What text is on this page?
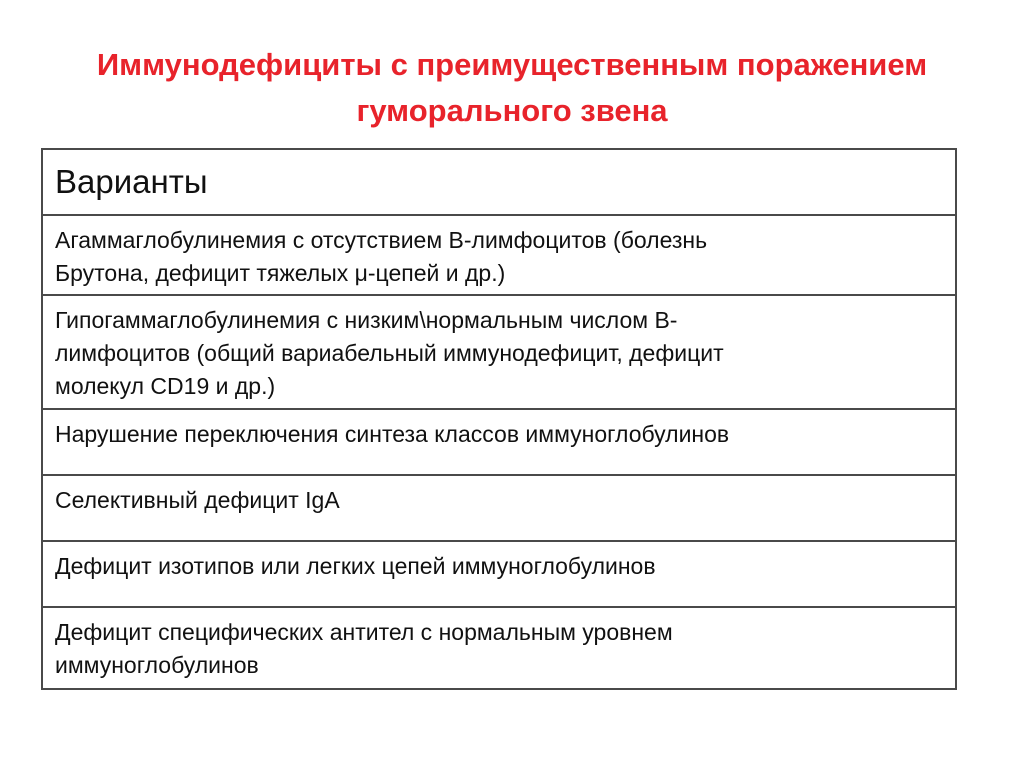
Иммунодефициты с преимущественным поражением
гуморального звена
Варианты
Агаммаглобулинемия с отсутствием В-лимфоцитов (болезнь
Брутона, дефицит тяжелых μ-цепей и др.)
Гипогаммаглобулинемия с низким\нормальным числом В-
лимфоцитов (общий вариабельный иммунодефицит, дефицит
молекул CD19 и др.)
Нарушение переключения синтеза классов иммуноглобулинов
Селективный дефицит IgA
Дефицит изотипов или легких цепей иммуноглобулинов
Дефицит специфических антител с нормальным уровнем
иммуноглобулинов
